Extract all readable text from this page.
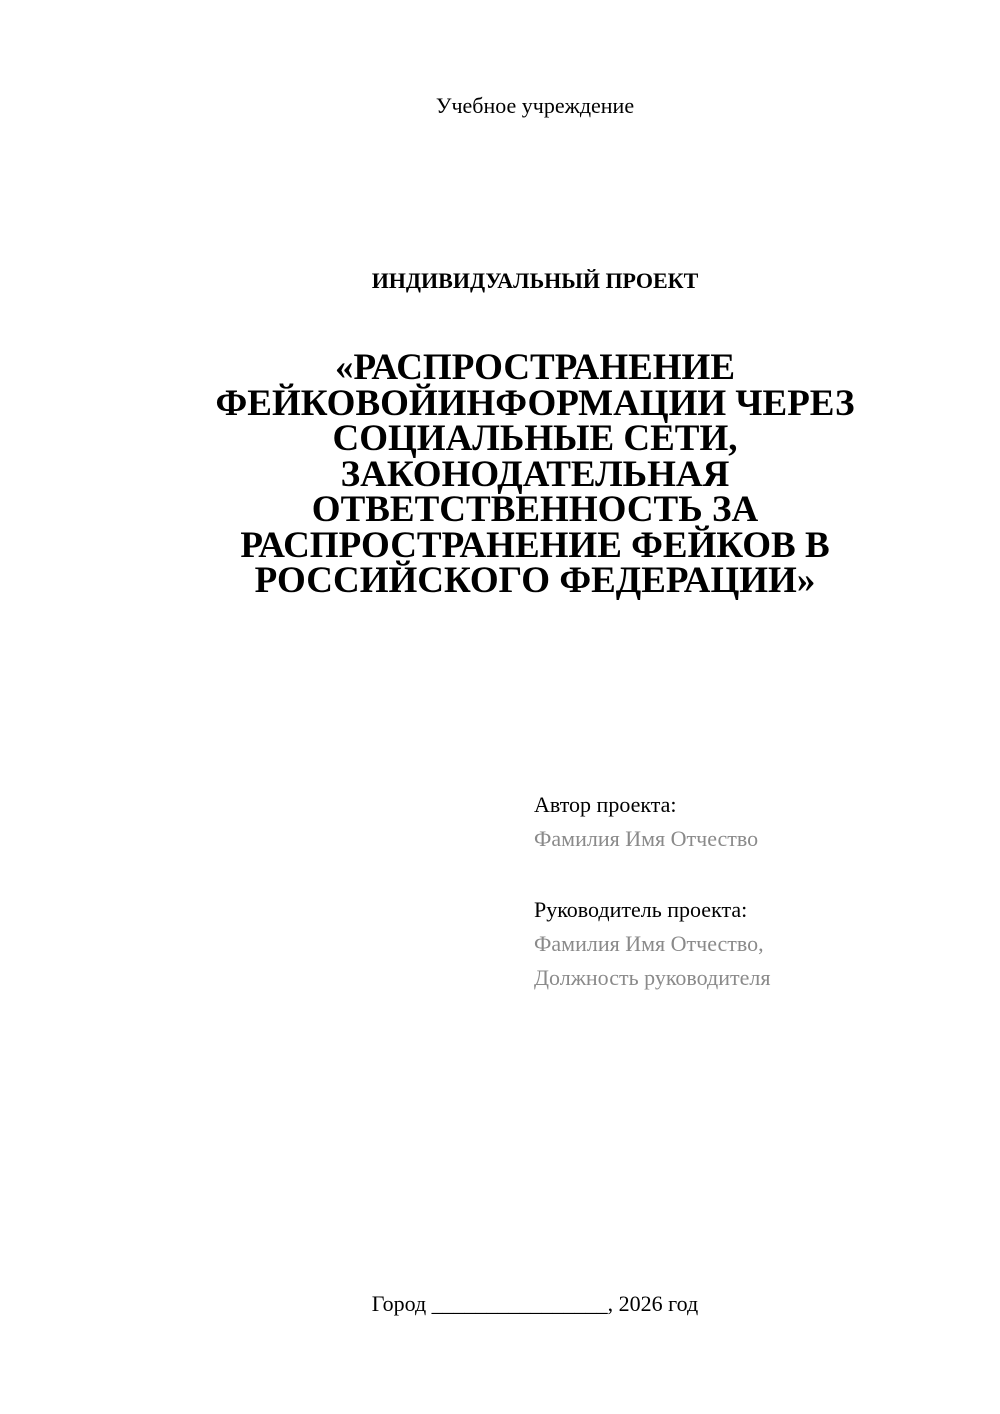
Учебное учреждение
ИНДИВИДУАЛЬНЫЙ ПРОЕКТ
«РАСПРОСТРАНЕНИЕ
ФЕЙКОВОЙИНФОРМАЦИИ ЧЕРЕЗ
СОЦИАЛЬНЫЕ СЕТИ,
ЗАКОНОДАТЕЛЬНАЯ
ОТВЕТСТВЕННОСТЬ ЗА
РАСПРОСТРАНЕНИЕ ФЕЙКОВ В
РОССИЙСКОГО ФЕДЕРАЦИИ»
Автор проекта:
Фамилия Имя Отчество
Руководитель проекта:
Фамилия Имя Отчество,
Должность руководителя
Город ________________, 2026 год
